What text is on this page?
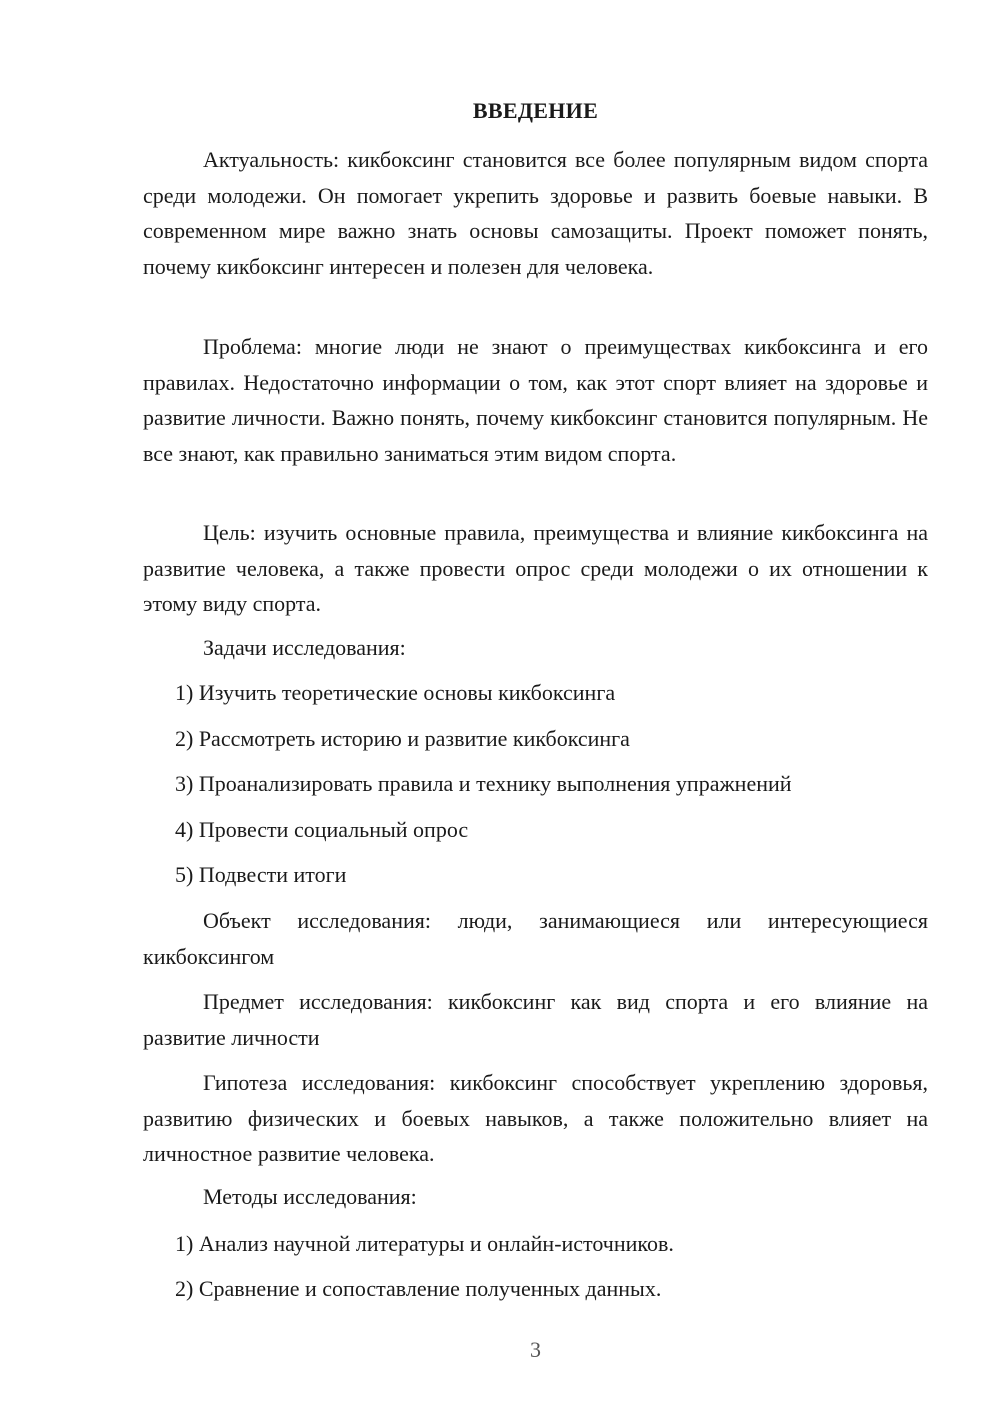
ВВЕДЕНИЕ

Актуальность: кикбоксинг становится все более популярным видом спорта среди молодежи. Он помогает укрепить здоровье и развить боевые навыки. В современном мире важно знать основы самозащиты. Проект поможет понять, почему кикбоксинг интересен и полезен для человека.

Проблема: многие люди не знают о преимуществах кикбоксинга и его правилах. Недостаточно информации о том, как этот спорт влияет на здоровье и развитие личности. Важно понять, почему кикбоксинг становится популярным. Не все знают, как правильно заниматься этим видом спорта.

Цель: изучить основные правила, преимущества и влияние кикбоксинга на развитие человека, а также провести опрос среди молодежи о их отношении к этому виду спорта.

Задачи исследования:

1) Изучить теоретические основы кикбоксинга

2) Рассмотреть историю и развитие кикбоксинга

3) Проанализировать правила и технику выполнения упражнений

4) Провести социальный опрос

5) Подвести итоги

Объект исследования: люди, занимающиеся или интересующиеся кикбоксингом

Предмет исследования: кикбоксинг как вид спорта и его влияние на развитие личности

Гипотеза исследования: кикбоксинг способствует укреплению здоровья, развитию физических и боевых навыков, а также положительно влияет на личностное развитие человека.

Методы исследования:

1) Анализ научной литературы и онлайн-источников.

2) Сравнение и сопоставление полученных данных.

3
